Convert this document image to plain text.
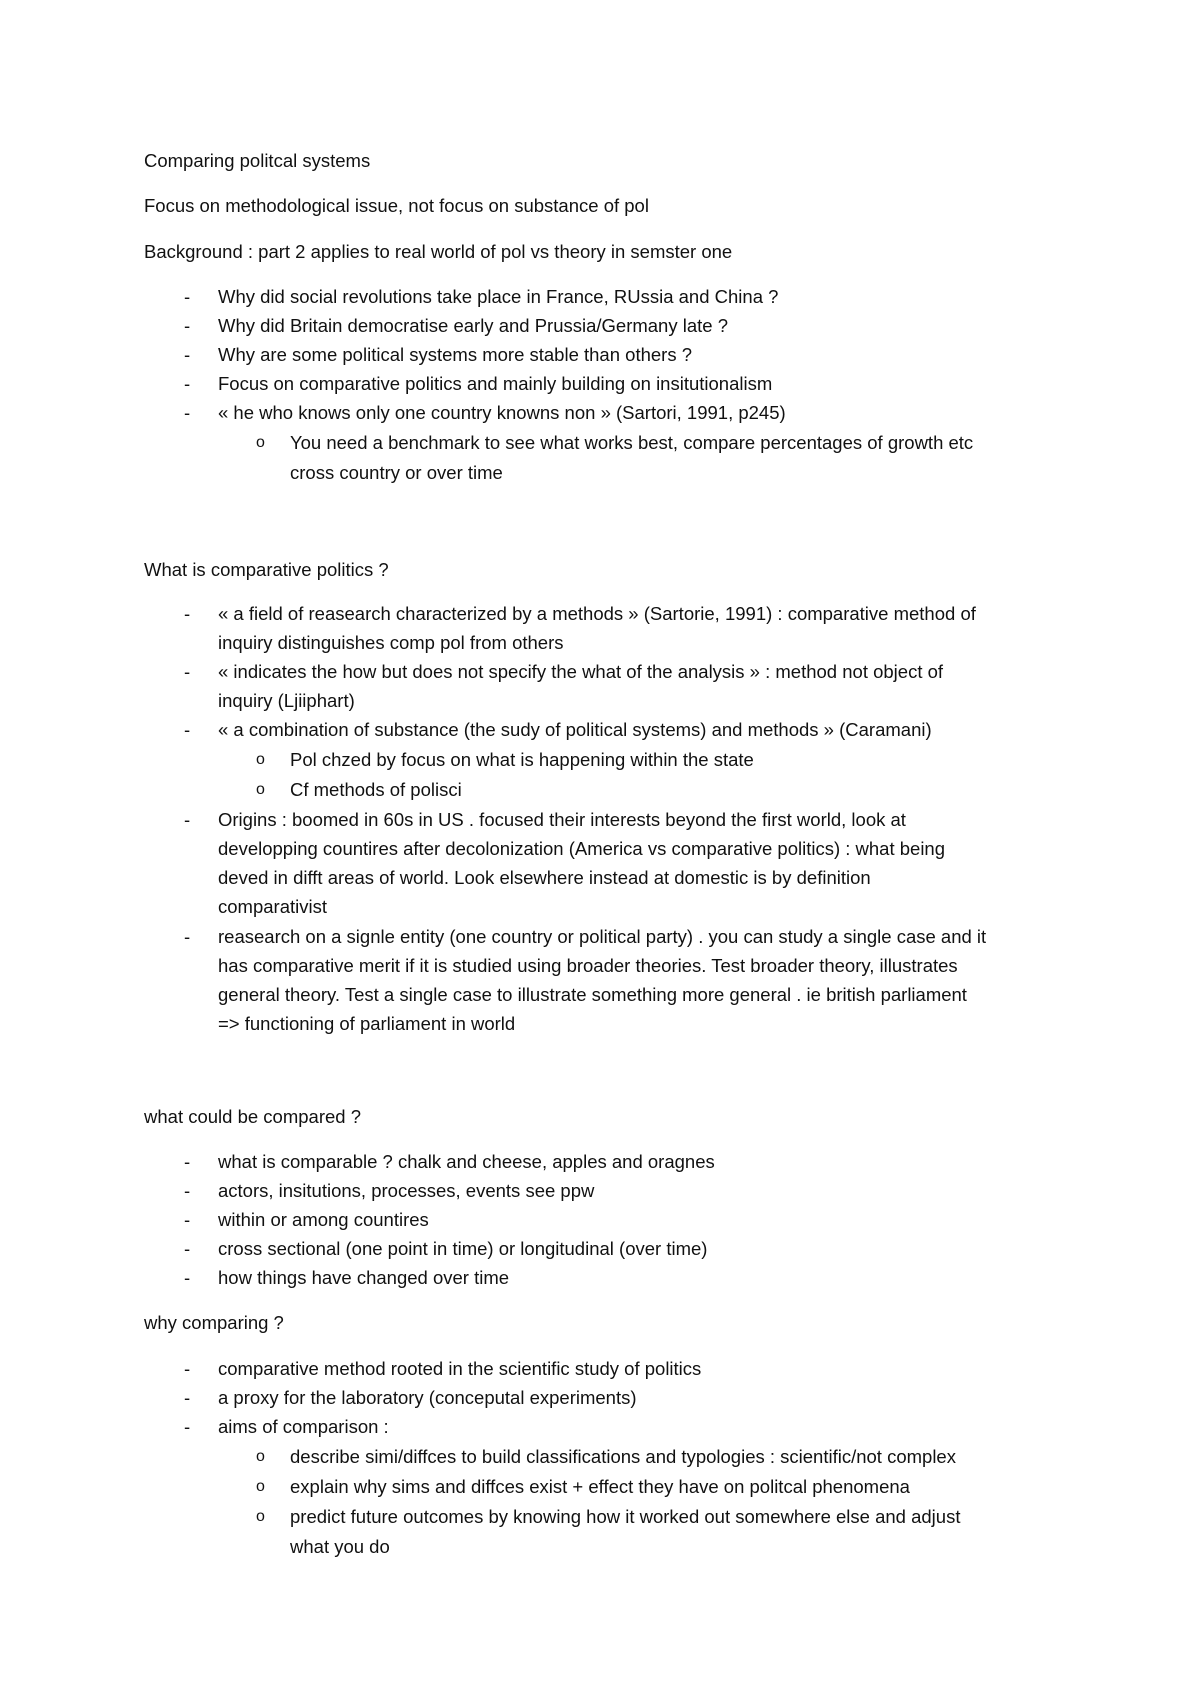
Comparing politcal systems
Focus on methodological issue, not focus on substance of pol
Background : part 2 applies to real world of pol vs theory in semster one
- Why did social revolutions take place in France, RUssia and China ?
- Why did Britain democratise early and Prussia/Germany late ?
- Why are some political systems more stable than others ?
- Focus on comparative politics and mainly building on insitutionalism
- « he who knows only one country knowns non » (Sartori, 1991, p245)
o You need a benchmark to see what works best, compare percentages of growth etc
cross country or over time
What is comparative politics ?
- « a field of reasearch characterized by a methods » (Sartorie, 1991) : comparative method of
inquiry distinguishes comp pol from others
- « indicates the how but does not specify the what of the analysis » : method not object of
inquiry (Ljiiphart)
- « a combination of substance (the sudy of political systems) and methods » (Caramani)
o Pol chzed by focus on what is happening within the state
o Cf methods of polisci
- Origins : boomed in 60s in US . focused their interests beyond the first world, look at
developping countires after decolonization (America vs comparative politics) : what being
deved in difft areas of world. Look elsewhere instead at domestic is by definition
comparativist
- reasearch on a signle entity (one country or political party) . you can study a single case and it
has comparative merit if it is studied using broader theories. Test broader theory, illustrates
general theory. Test a single case to illustrate something more general . ie british parliament
=> functioning of parliament in world
what could be compared ?
- what is comparable ? chalk and cheese, apples and oragnes
- actors, insitutions, processes, events see ppw
- within or among countires
- cross sectional (one point in time) or longitudinal (over time)
- how things have changed over time
why comparing ?
- comparative method rooted in the scientific study of politics
- a proxy for the laboratory (conceputal experiments)
- aims of comparison :
o describe simi/diffces to build classifications and typologies : scientific/not complex
o explain why sims and diffces exist + effect they have on politcal phenomena
o predict future outcomes by knowing how it worked out somewhere else and adjust
what you do
